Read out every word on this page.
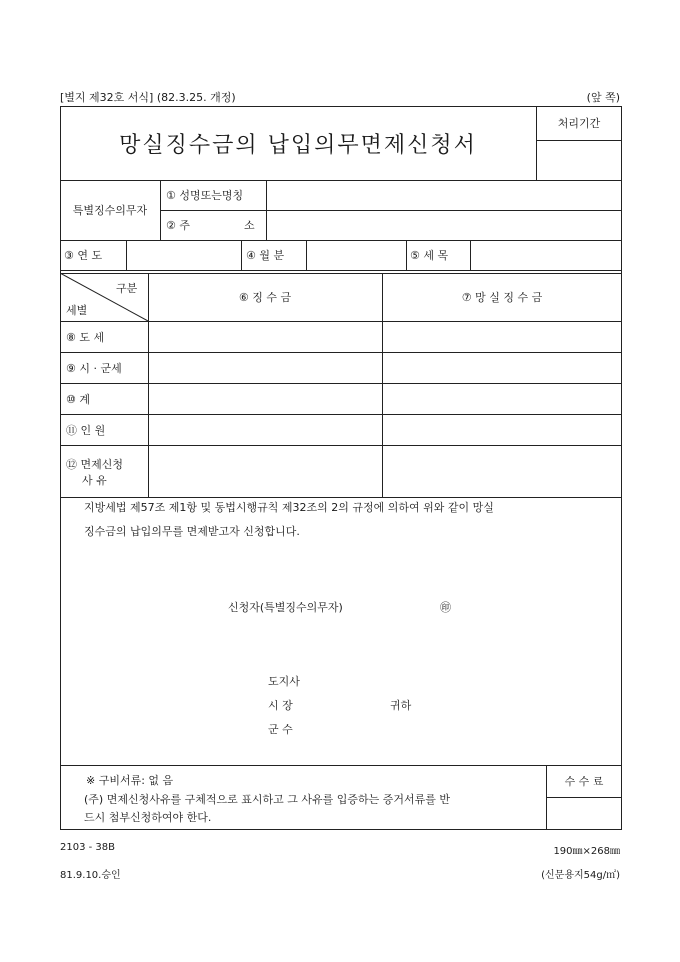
[별지 제32호 서식] (82.3.25. 개정)	(앞 쪽)
망실징수금의 납입의무면제신청서
처리기간
특별징수의무자
① 성명또는명칭
② 주	소
③ 연 도	④ 월 분	⑤ 세 목
구분
세별
⑥ 징 수 금	⑦ 망 실 징 수 금
⑧ 도 세
⑨ 시 · 군세
⑩ 계
⑪ 인 원
⑫ 면제신청
사 유
지방세법 제57조 제1항 및 동법시행규칙 제32조의 2의 규정에 의하여 위와 같이 망실
징수금의 납입의무를 면제받고자 신청합니다.
신청자(특별징수의무자)	㊞
도지사
시 장	귀하
군 수
※ 구비서류: 없 음
(주) 면제신청사유를 구체적으로 표시하고 그 사유를 입증하는 증거서류를 반
드시 첨부신청하여야 한다.
수 수 료
2103 - 38B
81.9.10.승인
190㎜×268㎜
(신문용지54g/㎡)
